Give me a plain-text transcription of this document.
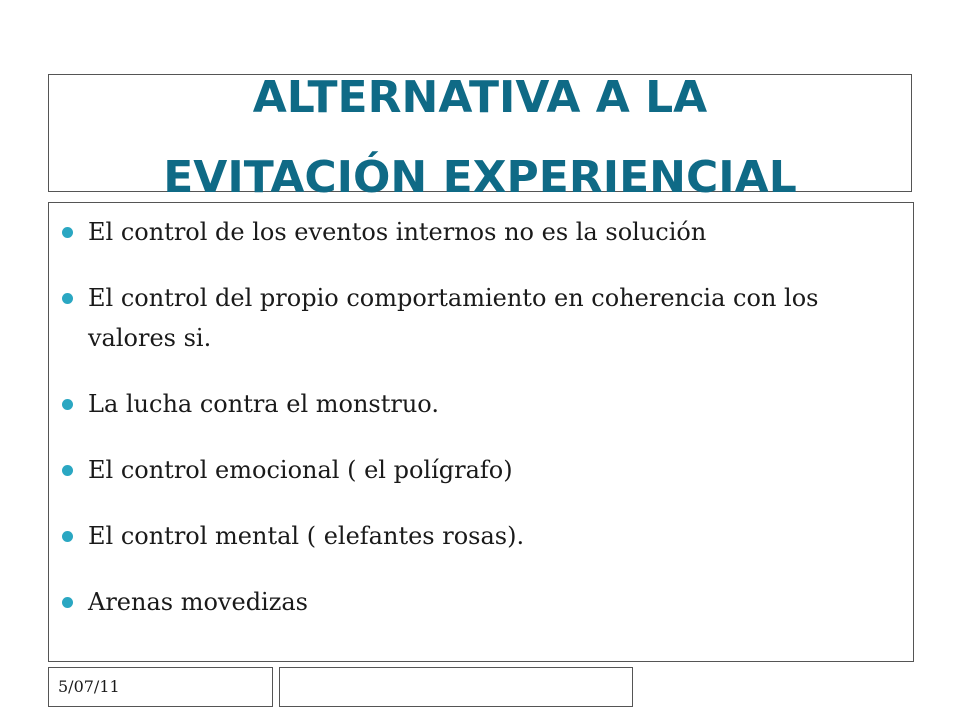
ALTERNATIVA A LA
EVITACIÓN EXPERIENCIAL
El control de los eventos internos no es la solución
El control del propio comportamiento en coherencia con los valores si.
La lucha contra el monstruo.
El control emocional ( el polígrafo)
El control mental ( elefantes rosas).
Arenas movedizas
5/07/11
